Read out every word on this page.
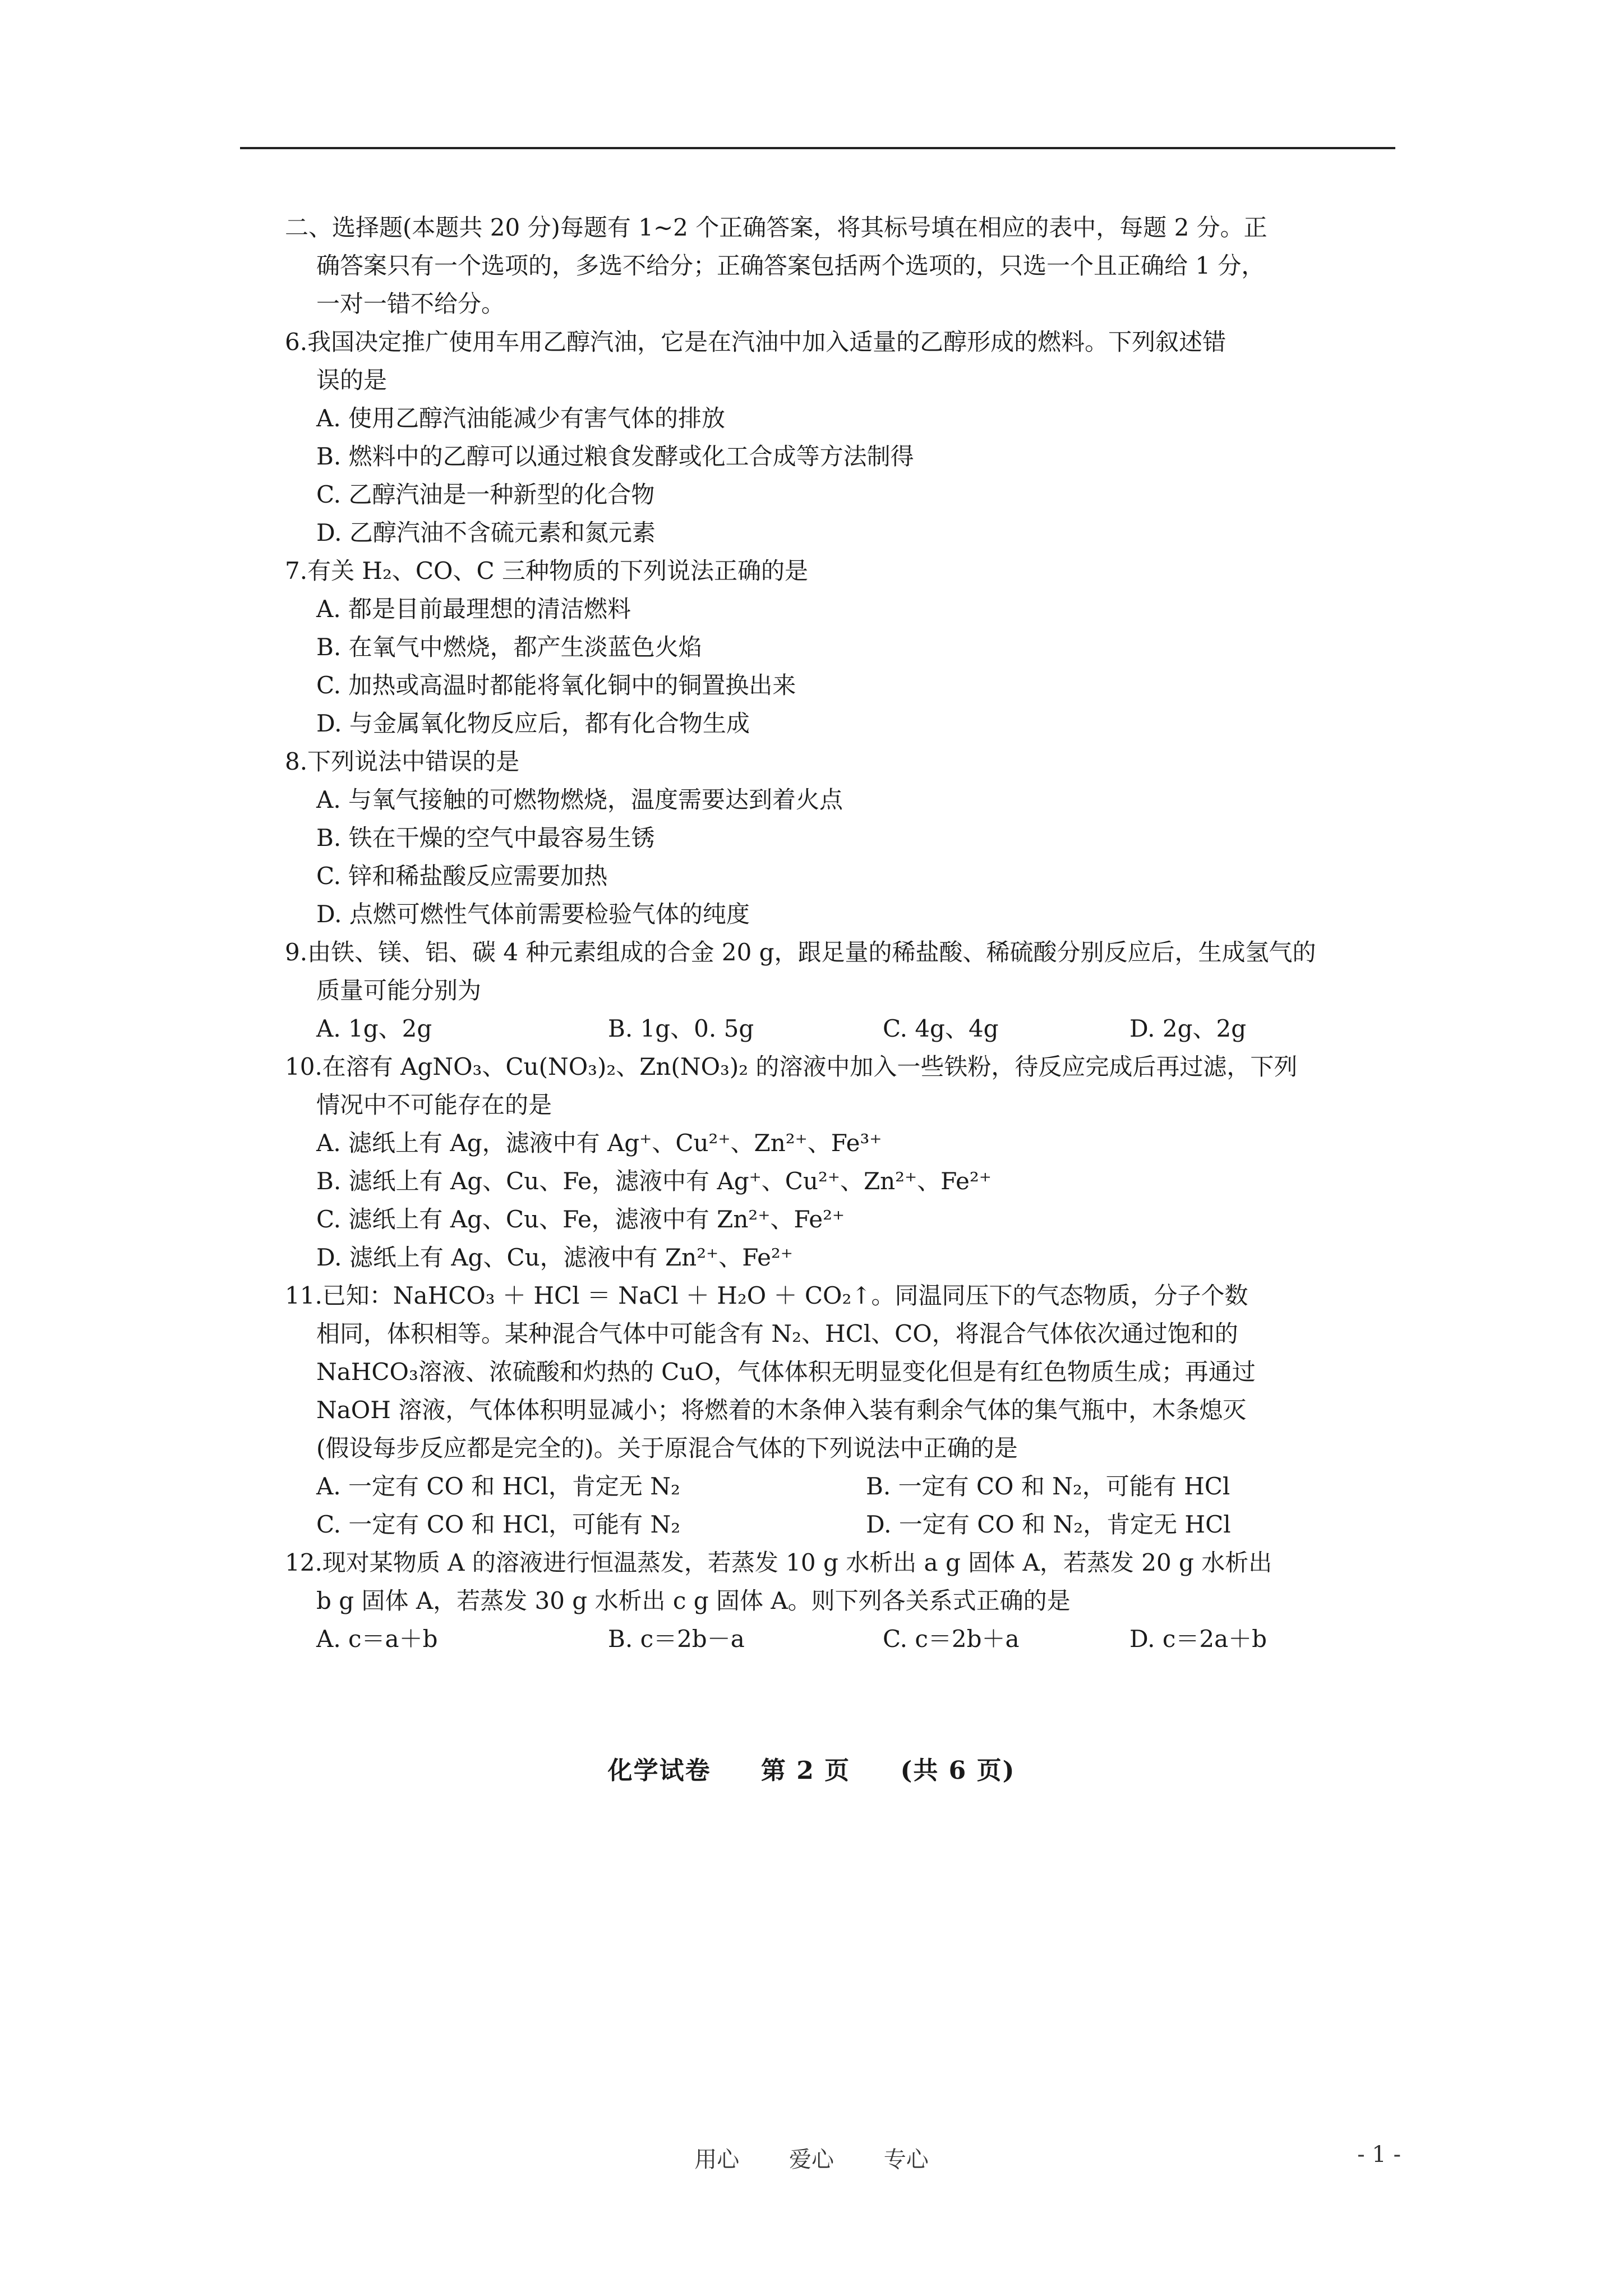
二、选择题(本题共 20 分)每题有 1~2 个正确答案，将其标号填在相应的表中，每题 2 分。正

确答案只有一个选项的，多选不给分；正确答案包括两个选项的，只选一个且正确给 1 分，

一对一错不给分。

6. 我国决定推广使用车用乙醇汽油，它是在汽油中加入适量的乙醇形成的燃料。下列叙述错
误的是
A. 使用乙醇汽油能减少有害气体的排放
B. 燃料中的乙醇可以通过粮食发酵或化工合成等方法制得
C. 乙醇汽油是一种新型的化合物
D. 乙醇汽油不含硫元素和氮元素
7. 有关 H₂、CO、C 三种物质的下列说法正确的是
A. 都是目前最理想的清洁燃料
B. 在氧气中燃烧，都产生淡蓝色火焰
C. 加热或高温时都能将氧化铜中的铜置换出来
D. 与金属氧化物反应后，都有化合物生成
8. 下列说法中错误的是
A. 与氧气接触的可燃物燃烧，温度需要达到着火点
B. 铁在干燥的空气中最容易生锈
C. 锌和稀盐酸反应需要加热
D. 点燃可燃性气体前需要检验气体的纯度
9. 由铁、镁、铝、碳 4 种元素组成的合金 20 g，跟足量的稀盐酸、稀硫酸分别反应后，生成氢气的
质量可能分别为
A. 1g、2g	B. 1g、0. 5g	C. 4g、4g	D. 2g、2g
10. 在溶有 AgNO₃、Cu(NO₃)₂、Zn(NO₃)₂ 的溶液中加入一些铁粉，待反应完成后再过滤，下列
情况中不可能存在的是
A. 滤纸上有 Ag，滤液中有 Ag⁺、Cu²⁺、Zn²⁺、Fe³⁺
B. 滤纸上有 Ag、Cu、Fe，滤液中有 Ag⁺、Cu²⁺、Zn²⁺、Fe²⁺
C. 滤纸上有 Ag、Cu、Fe，滤液中有 Zn²⁺、Fe²⁺
D. 滤纸上有 Ag、Cu，滤液中有 Zn²⁺、Fe²⁺
11. 已知：NaHCO₃ ＋ HCl ＝ NaCl ＋ H₂O ＋ CO₂↑。同温同压下的气态物质，分子个数
相同，体积相等。某种混合气体中可能含有 N₂、HCl、CO，将混合气体依次通过饱和的
NaHCO₃溶液、浓硫酸和灼热的 CuO，气体体积无明显变化但是有红色物质生成；再通过
NaOH 溶液，气体体积明显减小；将燃着的木条伸入装有剩余气体的集气瓶中，木条熄灭
(假设每步反应都是完全的)。关于原混合气体的下列说法中正确的是
A. 一定有 CO 和 HCl，肯定无 N₂	B. 一定有 CO 和 N₂，可能有 HCl
C. 一定有 CO 和 HCl，可能有 N₂	D. 一定有 CO 和 N₂，肯定无 HCl
12. 现对某物质 A 的溶液进行恒温蒸发，若蒸发 10 g 水析出 a g 固体 A，若蒸发 20 g 水析出
b g 固体 A，若蒸发 30 g 水析出 c g 固体 A。则下列各关系式正确的是
A. c＝a＋b	B. c＝2b－a	C. c＝2b＋a	D. c＝2a＋b
化学试卷 第 2 页 (共 6 页)
用心 爱心 专心	- 1 -
